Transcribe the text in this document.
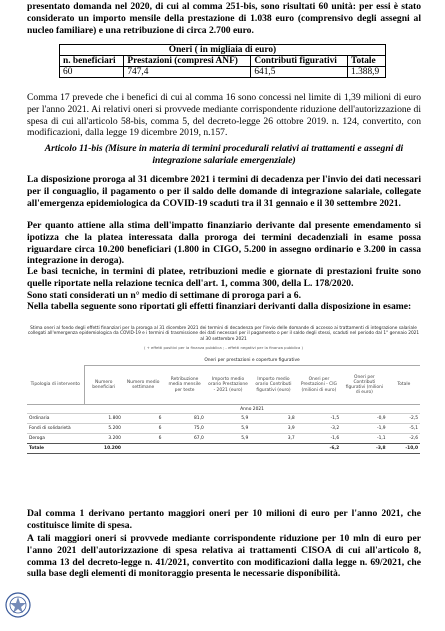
presentato domanda nel 2020, di cui al comma 251-bis, sono risultati 60 unità: per essi è stato considerato un importo mensile della prestazione di 1.038 euro (comprensivo degli assegni al nucleo familiare) e una retribuzione di circa 2.700 euro.

Oneri ( in migliaia di euro)			
n. beneficiari	Prestazioni (compresi ANF)	Contributi figurativi	Totale
60	747,4	641,5	1.388,9

Comma 17 prevede che i benefici di cui al comma 16 sono concessi nel limite di 1,39 milioni di euro per l'anno 2021. Ai relativi oneri si provvede mediante corrispondente riduzione dell'autorizzazione di spesa di cui all'articolo 58-bis, comma 5, del decreto-legge 26 ottobre 2019. n. 124, convertito, con modificazioni, dalla legge 19 dicembre 2019, n.157.

Articolo 11-bis (Misure in materia di termini procedurali relativi ai trattamenti e assegni di integrazione salariale emergenziale)

La disposizione proroga al 31 dicembre 2021 i termini di decadenza per l'invio dei dati necessari per il conguaglio, il pagamento o per il saldo delle domande di integrazione salariale, collegate all'emergenza epidemiologica da COVID-19 scaduti tra il 31 gennaio e il 30 settembre 2021.

Per quanto attiene alla stima dell'impatto finanziario derivante dal presente emendamento si ipotizza che la platea interessata dalla proroga dei termini decadenziali in esame possa riguardare circa 10.200 beneficiari (1.800 in CIGO, 5.200 in assegno ordinario e 3.200 in cassa integrazione in deroga).

Le basi tecniche, in termini di platee, retribuzioni medie e giornate di prestazioni fruite sono quelle riportate nella relazione tecnica dell'art. 1, comma 300, della L. 178/2020.

Sono stati considerati un n° medio di settimane di proroga pari a 6.

Nella tabella seguente sono riportati gli effetti finanziari derivanti dalla disposizione in esame:

Stima oneri al fondo degli effetti finanziari per la proroga al 31 dicembre 2021 dei termini di decadenza per l'invio delle domande di accesso ai trattamenti di integrazione salariale collegati all'emergenza epidemiologica da COVID-19 e i termini di trasmissione dei dati necessari per il pagamento o per il saldo degli stessi, scaduti nel periodo dal 1° gennaio 2021 al 30 settembre 2021
( + effetti positivi per la finanza pubblica ; - effetti negativi per la finanza pubblica )
	Oneri per prestazioni e coperture figurative							
Tipologia di intervento	Numero beneficiari	Numero medio settimane	Retribuzione media mensile per teste	Importo medio orario Prestazione - 2021 (euro)	Importo medio orario Contributi figurativi (euro)	Oneri per Prestazioni - CIG (milioni di euro)	Oneri per Contributi figurativi (milioni di euro)	Totale
	Anno 2021							
Ordinaria	1.800	6	81,0	5,9	3,8	-1,5	-0,9	-2,5
Fondi di solidarietà	5.200	6	75,0	5,9	3,9	-3,2	-1,9	-5,1
Deroga	3.200	6	67,0	5,9	3,7	-1,6	-1,1	-2,6
Totale	10.200					-6,2	-3,8	-10,0

Dal comma 1 derivano pertanto maggiori oneri per 10 milioni di euro per l'anno 2021, che costituisce limite di spesa.

A tali maggiori oneri si provvede mediante corrispondente riduzione per 10 mln di euro per l'anno 2021 dell'autorizzazione di spesa relativa ai trattamenti CISOA di cui all'articolo 8, comma 13 del decreto-legge n. 41/2021, convertito con modificazioni dalla legge n. 69/2021, che sulla base degli elementi di monitoraggio presenta le necessarie disponibilità.
